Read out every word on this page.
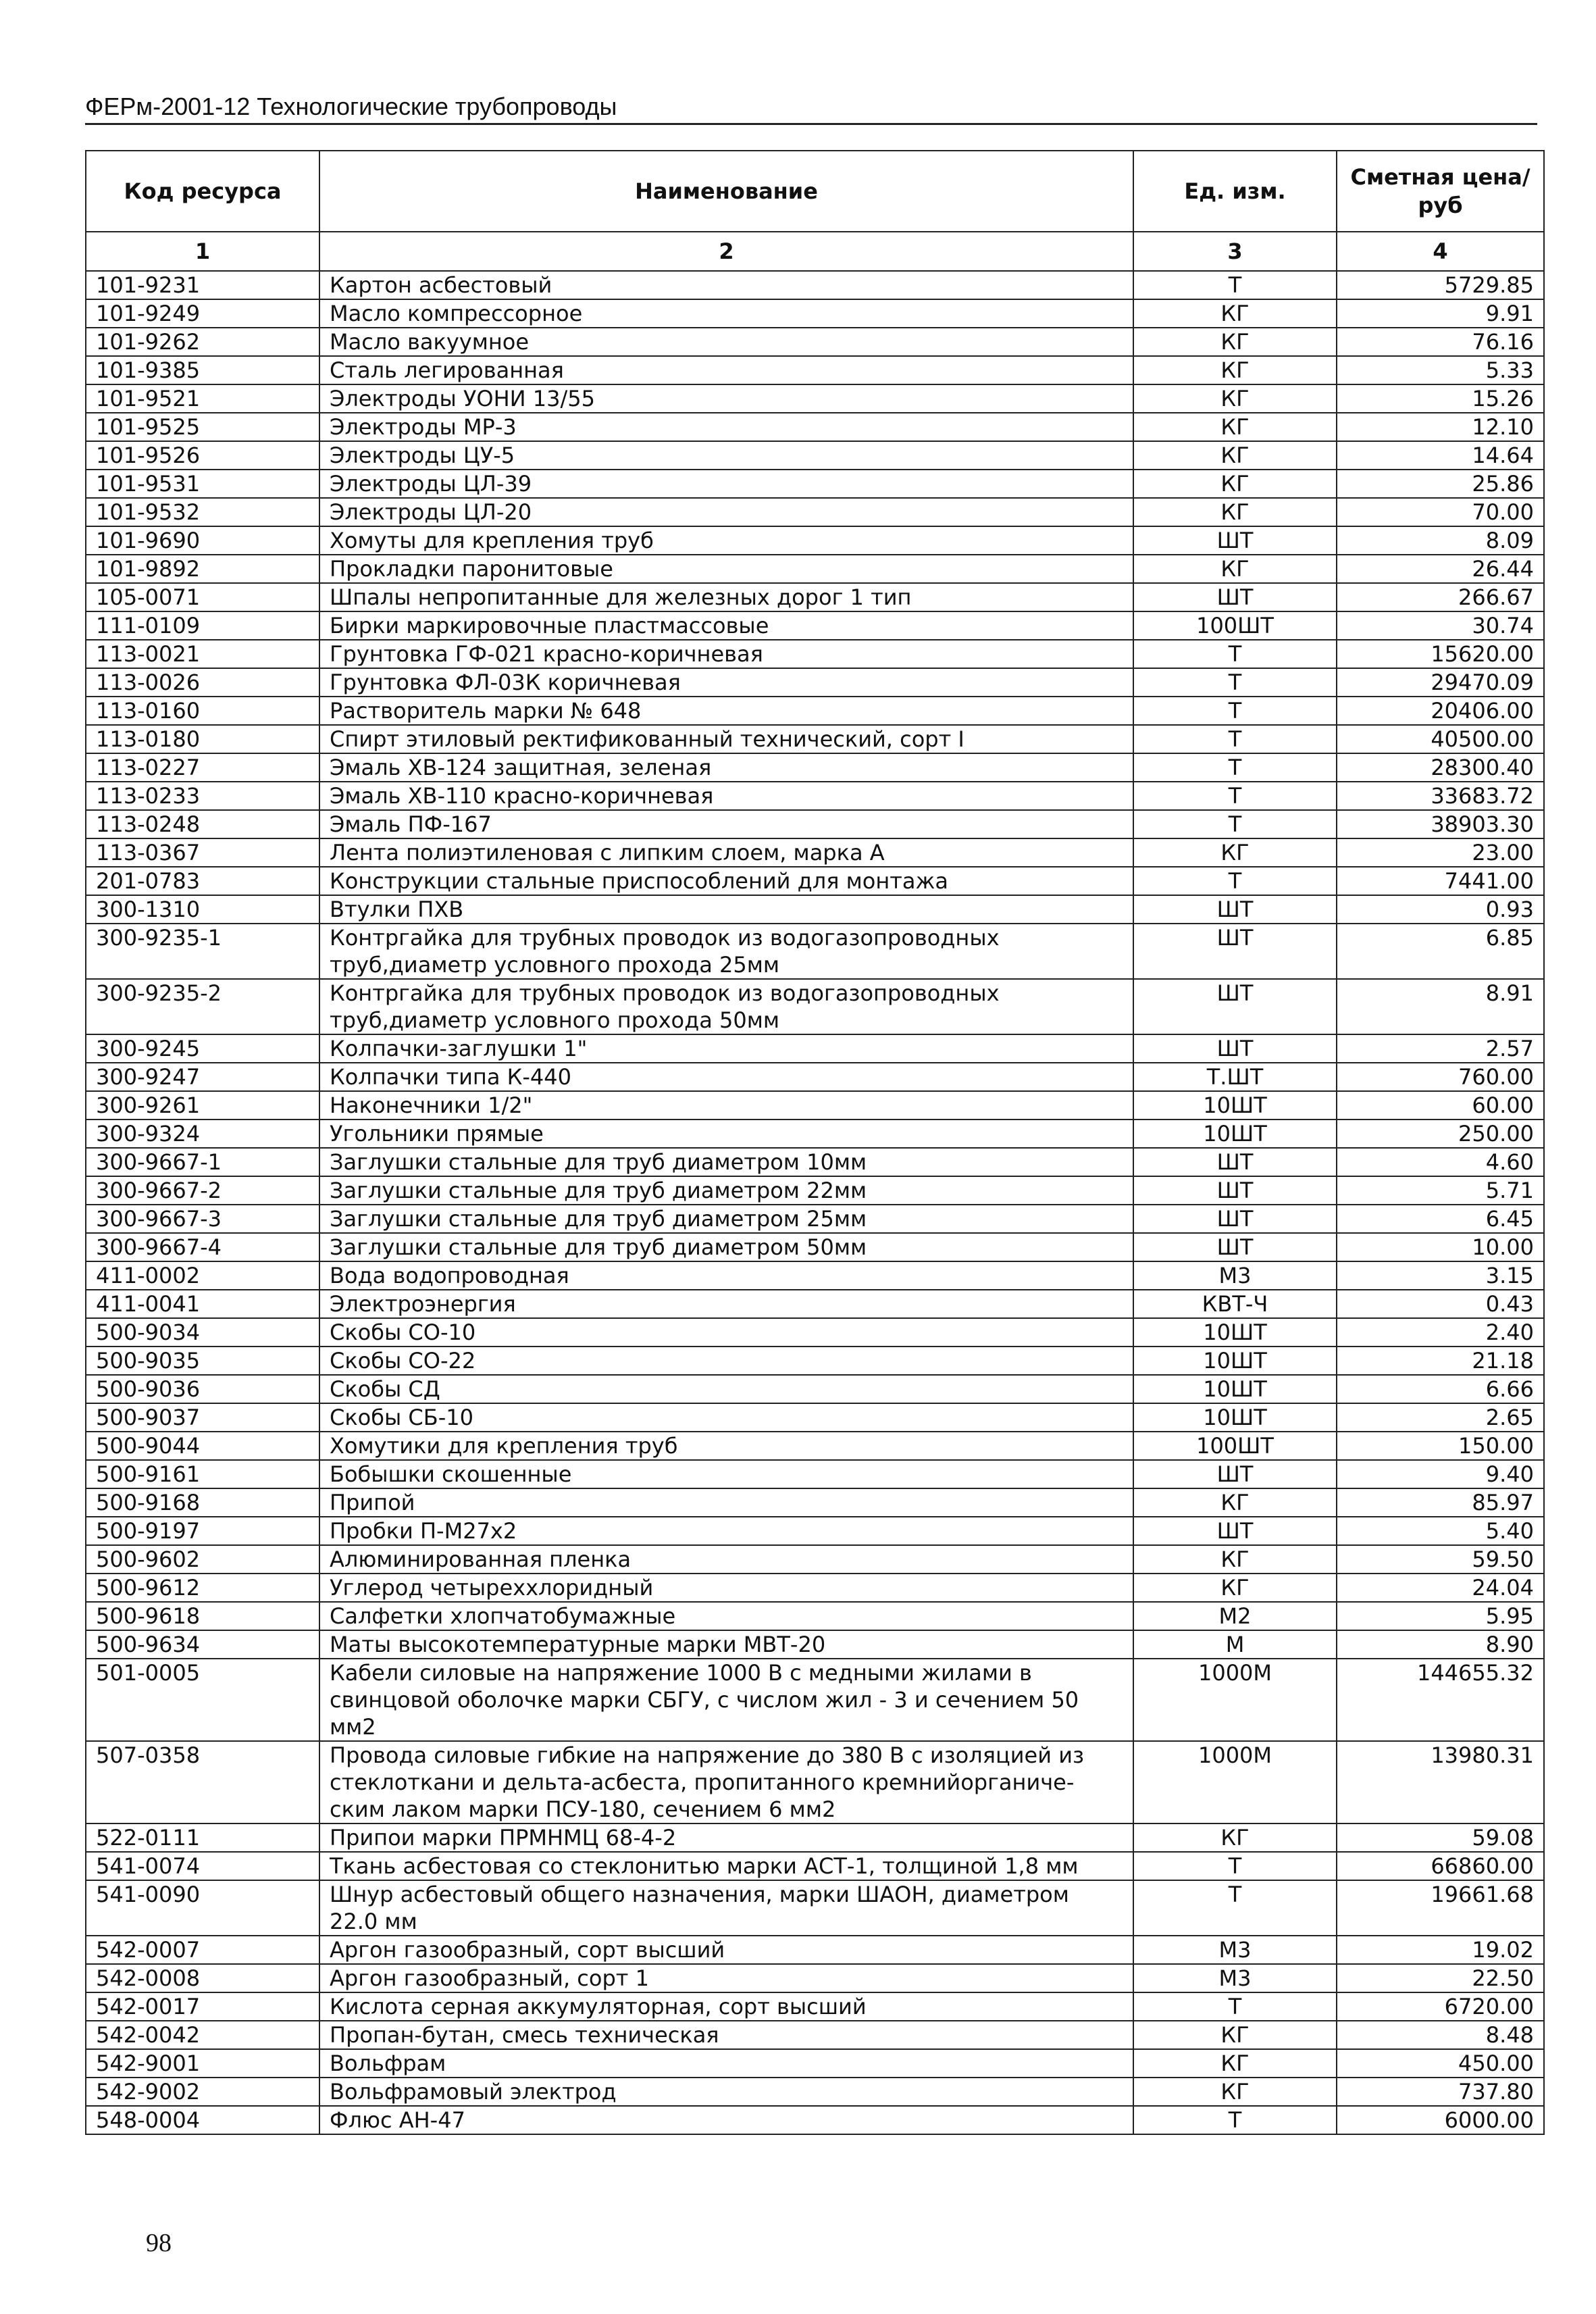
ФЕРм-2001-12 Технологические трубопроводы
Код ресурса	Наименование	Ед. изм.	Сметная цена/руб
1	2	3	4
101-9231	Картон асбестовый	Т	5729.85
101-9249	Масло компрессорное	КГ	9.91
101-9262	Масло вакуумное	КГ	76.16
101-9385	Сталь легированная	КГ	5.33
101-9521	Электроды УОНИ 13/55	КГ	15.26
101-9525	Электроды МР-3	КГ	12.10
101-9526	Электроды ЦУ-5	КГ	14.64
101-9531	Электроды ЦЛ-39	КГ	25.86
101-9532	Электроды ЦЛ-20	КГ	70.00
101-9690	Хомуты для крепления труб	ШТ	8.09
101-9892	Прокладки паронитовые	КГ	26.44
105-0071	Шпалы непропитанные для железных дорог 1 тип	ШТ	266.67
111-0109	Бирки маркировочные пластмассовые	100ШТ	30.74
113-0021	Грунтовка ГФ-021 красно-коричневая	Т	15620.00
113-0026	Грунтовка ФЛ-03К коричневая	Т	29470.09
113-0160	Растворитель марки № 648	Т	20406.00
113-0180	Спирт этиловый ректификованный технический, сорт I	Т	40500.00
113-0227	Эмаль ХВ-124 защитная, зеленая	Т	28300.40
113-0233	Эмаль ХВ-110 красно-коричневая	Т	33683.72
113-0248	Эмаль ПФ-167	Т	38903.30
113-0367	Лента полиэтиленовая с липким слоем, марка А	КГ	23.00
201-0783	Конструкции стальные приспособлений для монтажа	Т	7441.00
300-1310	Втулки ПХВ	ШТ	0.93
300-9235-1	Контргайка для трубных проводок из водогазопроводных труб,диаметр условного прохода 25мм	ШТ	6.85
300-9235-2	Контргайка для трубных проводок из водогазопроводных труб,диаметр условного прохода 50мм	ШТ	8.91
300-9245	Колпачки-заглушки 1"	ШТ	2.57
300-9247	Колпачки типа К-440	Т.ШТ	760.00
300-9261	Наконечники 1/2"	10ШТ	60.00
300-9324	Угольники прямые	10ШТ	250.00
300-9667-1	Заглушки стальные для труб диаметром 10мм	ШТ	4.60
300-9667-2	Заглушки стальные для труб диаметром 22мм	ШТ	5.71
300-9667-3	Заглушки стальные для труб диаметром 25мм	ШТ	6.45
300-9667-4	Заглушки стальные для труб диаметром 50мм	ШТ	10.00
411-0002	Вода водопроводная	М3	3.15
411-0041	Электроэнергия	КВТ-Ч	0.43
500-9034	Скобы СО-10	10ШТ	2.40
500-9035	Скобы СО-22	10ШТ	21.18
500-9036	Скобы СД	10ШТ	6.66
500-9037	Скобы СБ-10	10ШТ	2.65
500-9044	Хомутики для крепления труб	100ШТ	150.00
500-9161	Бобышки скошенные	ШТ	9.40
500-9168	Припой	КГ	85.97
500-9197	Пробки П-М27х2	ШТ	5.40
500-9602	Алюминированная пленка	КГ	59.50
500-9612	Углерод четыреххлоридный	КГ	24.04
500-9618	Салфетки хлопчатобумажные	М2	5.95
500-9634	Маты высокотемпературные марки МВТ-20	М	8.90
501-0005	Кабели силовые на напряжение 1000 В с медными жилами в свинцовой оболочке марки СБГУ, с числом жил - 3 и сечением 50 мм2	1000М	144655.32
507-0358	Провода силовые гибкие на напряжение до 380 В с изоляцией из стеклоткани и дельта-асбеста, пропитанного кремнийорганиче-ским лаком марки ПСУ-180, сечением 6 мм2	1000М	13980.31
522-0111	Припои марки ПРМНМЦ 68-4-2	КГ	59.08
541-0074	Ткань асбестовая со стеклонитью марки АСТ-1, толщиной 1,8 мм	Т	66860.00
541-0090	Шнур асбестовый общего назначения, марки ШАОН, диаметром 22.0 мм	Т	19661.68
542-0007	Аргон газообразный, сорт высший	М3	19.02
542-0008	Аргон газообразный, сорт 1	М3	22.50
542-0017	Кислота серная аккумуляторная, сорт высший	Т	6720.00
542-0042	Пропан-бутан, смесь техническая	КГ	8.48
542-9001	Вольфрам	КГ	450.00
542-9002	Вольфрамовый электрод	КГ	737.80
548-0004	Флюс АН-47	Т	6000.00
98
